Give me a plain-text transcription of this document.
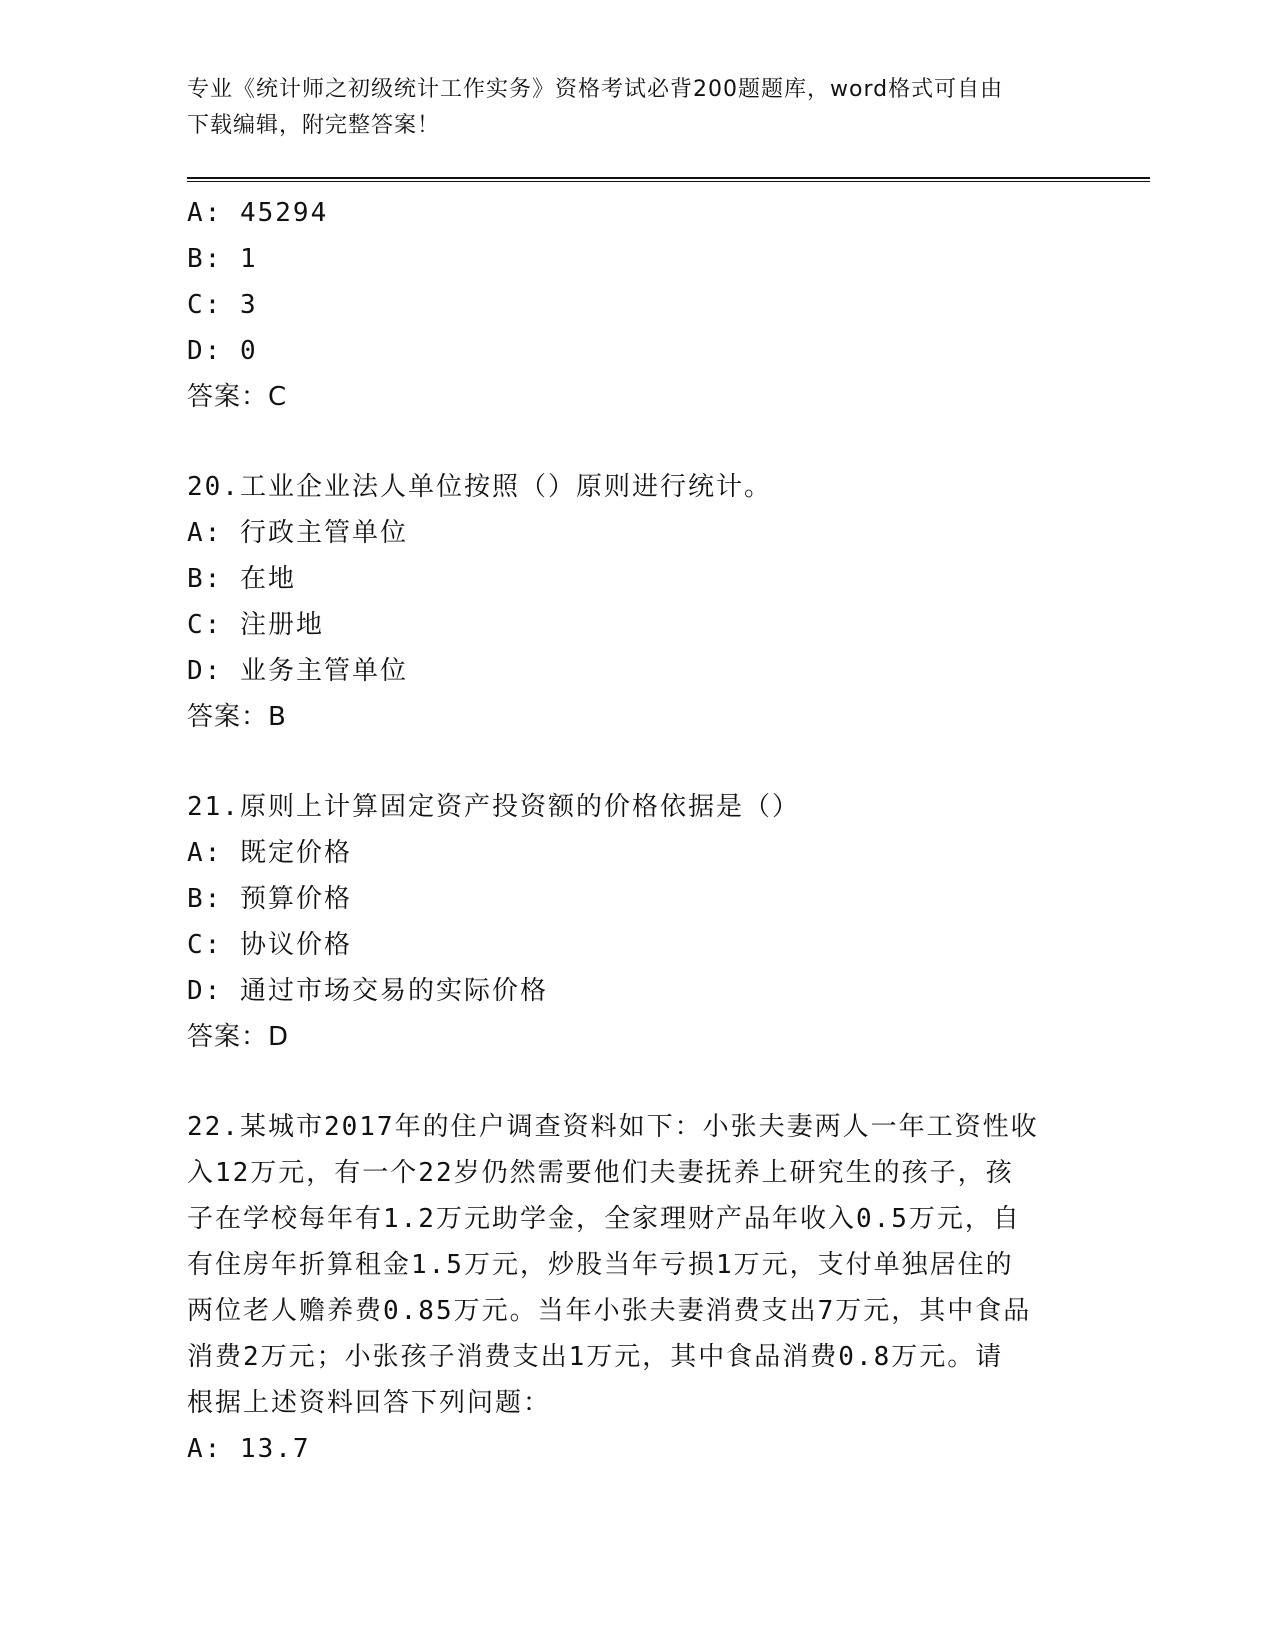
专业《统计师之初级统计工作实务》资格考试必背200题题库，word格式可自由
下载编辑，附完整答案！
A: 45294
B: 1
C: 3
D: 0
答案：C
20.工业企业法人单位按照（）原则进行统计。
A: 行政主管单位
B: 在地
C: 注册地
D: 业务主管单位
答案：B
21.原则上计算固定资产投资额的价格依据是（）
A: 既定价格
B: 预算价格
C: 协议价格
D: 通过市场交易的实际价格
答案：D
22.某城市2017年的住户调查资料如下：小张夫妻两人一年工资性收
入12万元，有一个22岁仍然需要他们夫妻抚养上研究生的孩子，孩
子在学校每年有1.2万元助学金，全家理财产品年收入0.5万元，自
有住房年折算租金1.5万元，炒股当年亏损1万元，支付单独居住的
两位老人赡养费0.85万元。当年小张夫妻消费支出7万元，其中食品
消费2万元；小张孩子消费支出1万元，其中食品消费0.8万元。请
根据上述资料回答下列问题：
A: 13.7
